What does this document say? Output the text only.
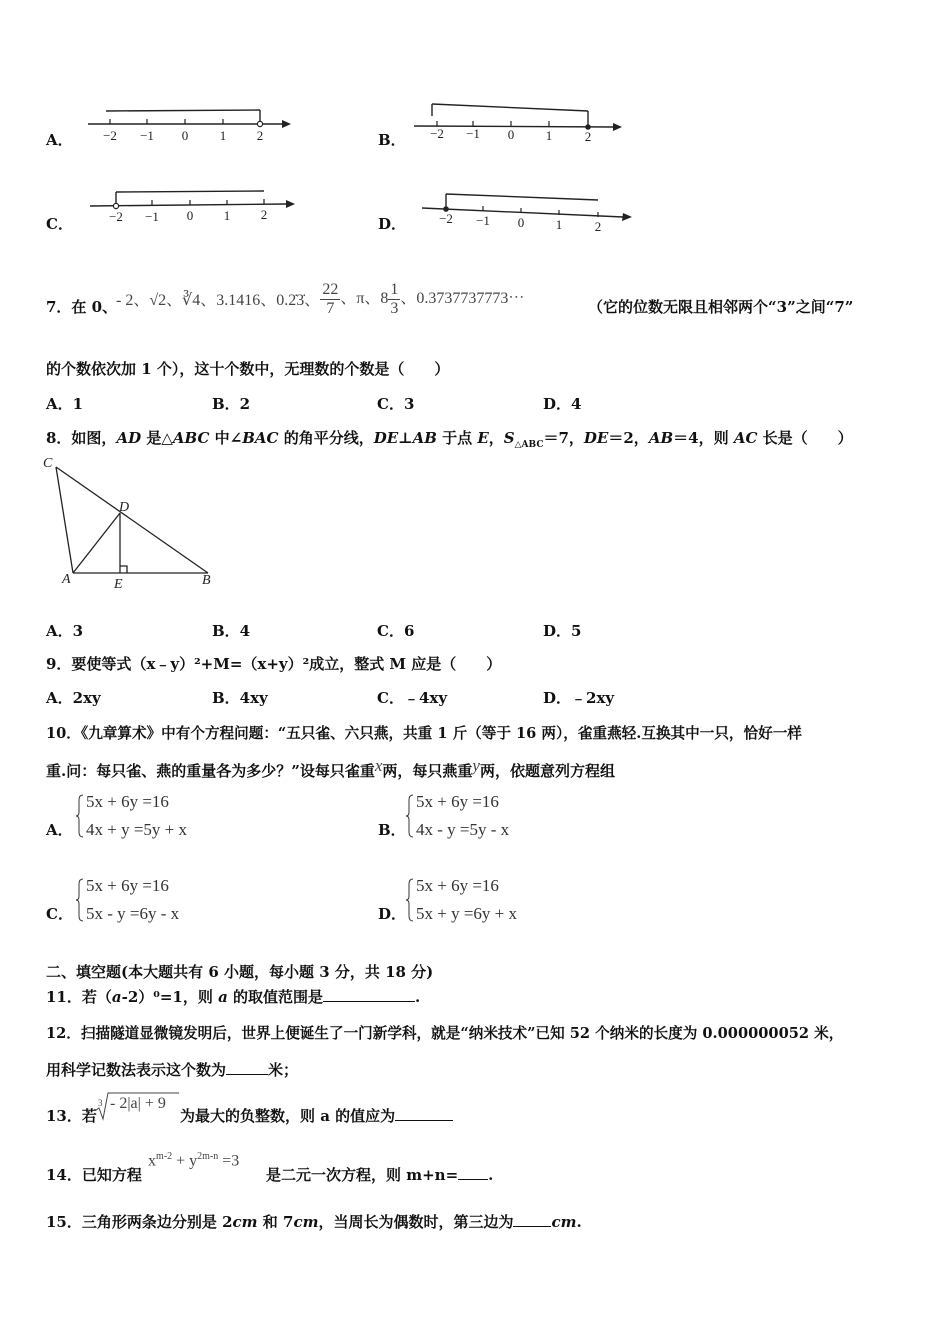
A． −2 −1 0 1 2	B． −2 −1 0 1	2
C．	−2 −1 0 1 2
D．	−2 −1 0 1	2
7．在 0、
- 2、√2、∛4、3.1416、0.2̇3̇、 $\frac{22}{7}$ 、π、$8 \frac{1}{3}$ 、0.3737737773⋯	（它的位数无限且相邻两个“3”之间“7”
的个数依次加 1 个），这十个数中，无理数的个数是（　　）
A．1	B．2	C．3	D．4
8．如图，AD 是△ABC 中∠BAC 的角平分线，DE⊥AB 于点 E，$S_{\triangle ABC}=7$，DE＝2，AB＝4，则 AC 长是（　　）
C
D
A	E	B
A．3	B．4	C．6	D．5
9．要使等式（x﹣y）²+M=（x+y）²成立，整式 M 应是（　　）
A．2xy	B．4xy	C．﹣4xy	D．﹣2xy
10．《九章算术》中有个方程问题：“五只雀、六只燕，共重 1 斤（等于 16 两），雀重燕轻.互换其中一只，恰好一样
重.问：每只雀、燕的重量各为多少？”设每只雀重x两，每只燕重y两，依题意列方程组
A．
5x + 6y =16
4x + y =5y + x	B．
5x + 6y =16
4x - y =5y - x
C．
5x + 6y =16
5x - y =6y - x	D．
5x + 6y =16
5x + y =6y + x
二、填空题(本大题共有 6 小题，每小题 3 分，共 18 分)
11．若（a-2）⁰=1，则 a 的取值范围是	.
12．扫描隧道显微镜发明后，世界上便诞生了一门新学科，就是“纳米技术”已知 52 个纳米的长度为 0.000000052 米，
用科学记数法表示这个数为	米；
13．若
3 - 2|a| + 9
为最大的负整数，则 a 的值应为
14．已知方程
$x^{m-2} + y^{2m-n} =3$
是二元一次方程，则 m+n= .
15．三角形两条边分别是 2cm 和 7cm，当周长为偶数时，第三边为	cm.
